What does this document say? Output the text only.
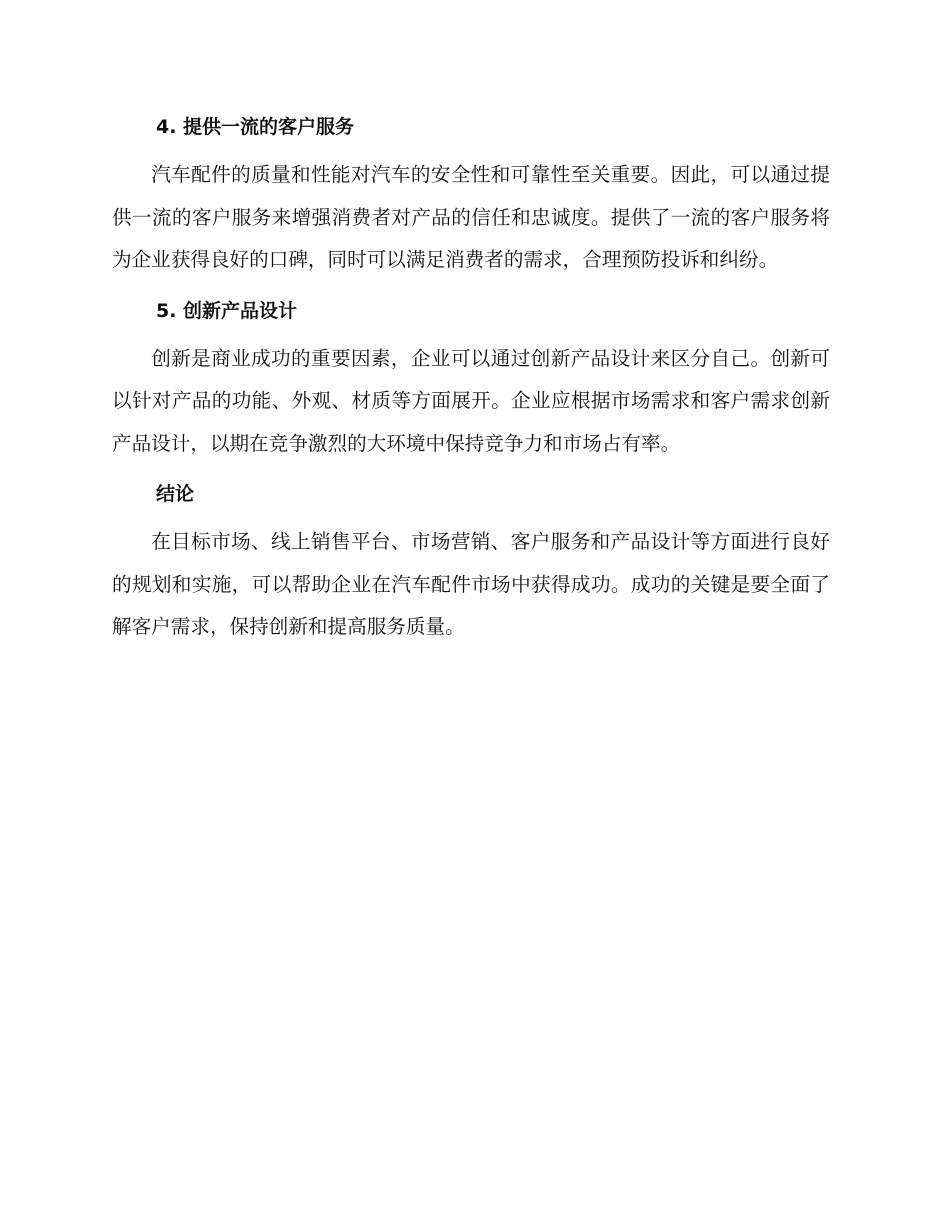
4. 提供一流的客户服务

汽车配件的质量和性能对汽车的安全性和可靠性至关重要。因此，可以通过提供一流的客户服务来增强消费者对产品的信任和忠诚度。提供了一流的客户服务将为企业获得良好的口碑，同时可以满足消费者的需求，合理预防投诉和纠纷。

5. 创新产品设计

创新是商业成功的重要因素，企业可以通过创新产品设计来区分自己。创新可以针对产品的功能、外观、材质等方面展开。企业应根据市场需求和客户需求创新产品设计，以期在竞争激烈的大环境中保持竞争力和市场占有率。

结论

在目标市场、线上销售平台、市场营销、客户服务和产品设计等方面进行良好的规划和实施，可以帮助企业在汽车配件市场中获得成功。成功的关键是要全面了解客户需求，保持创新和提高服务质量。
